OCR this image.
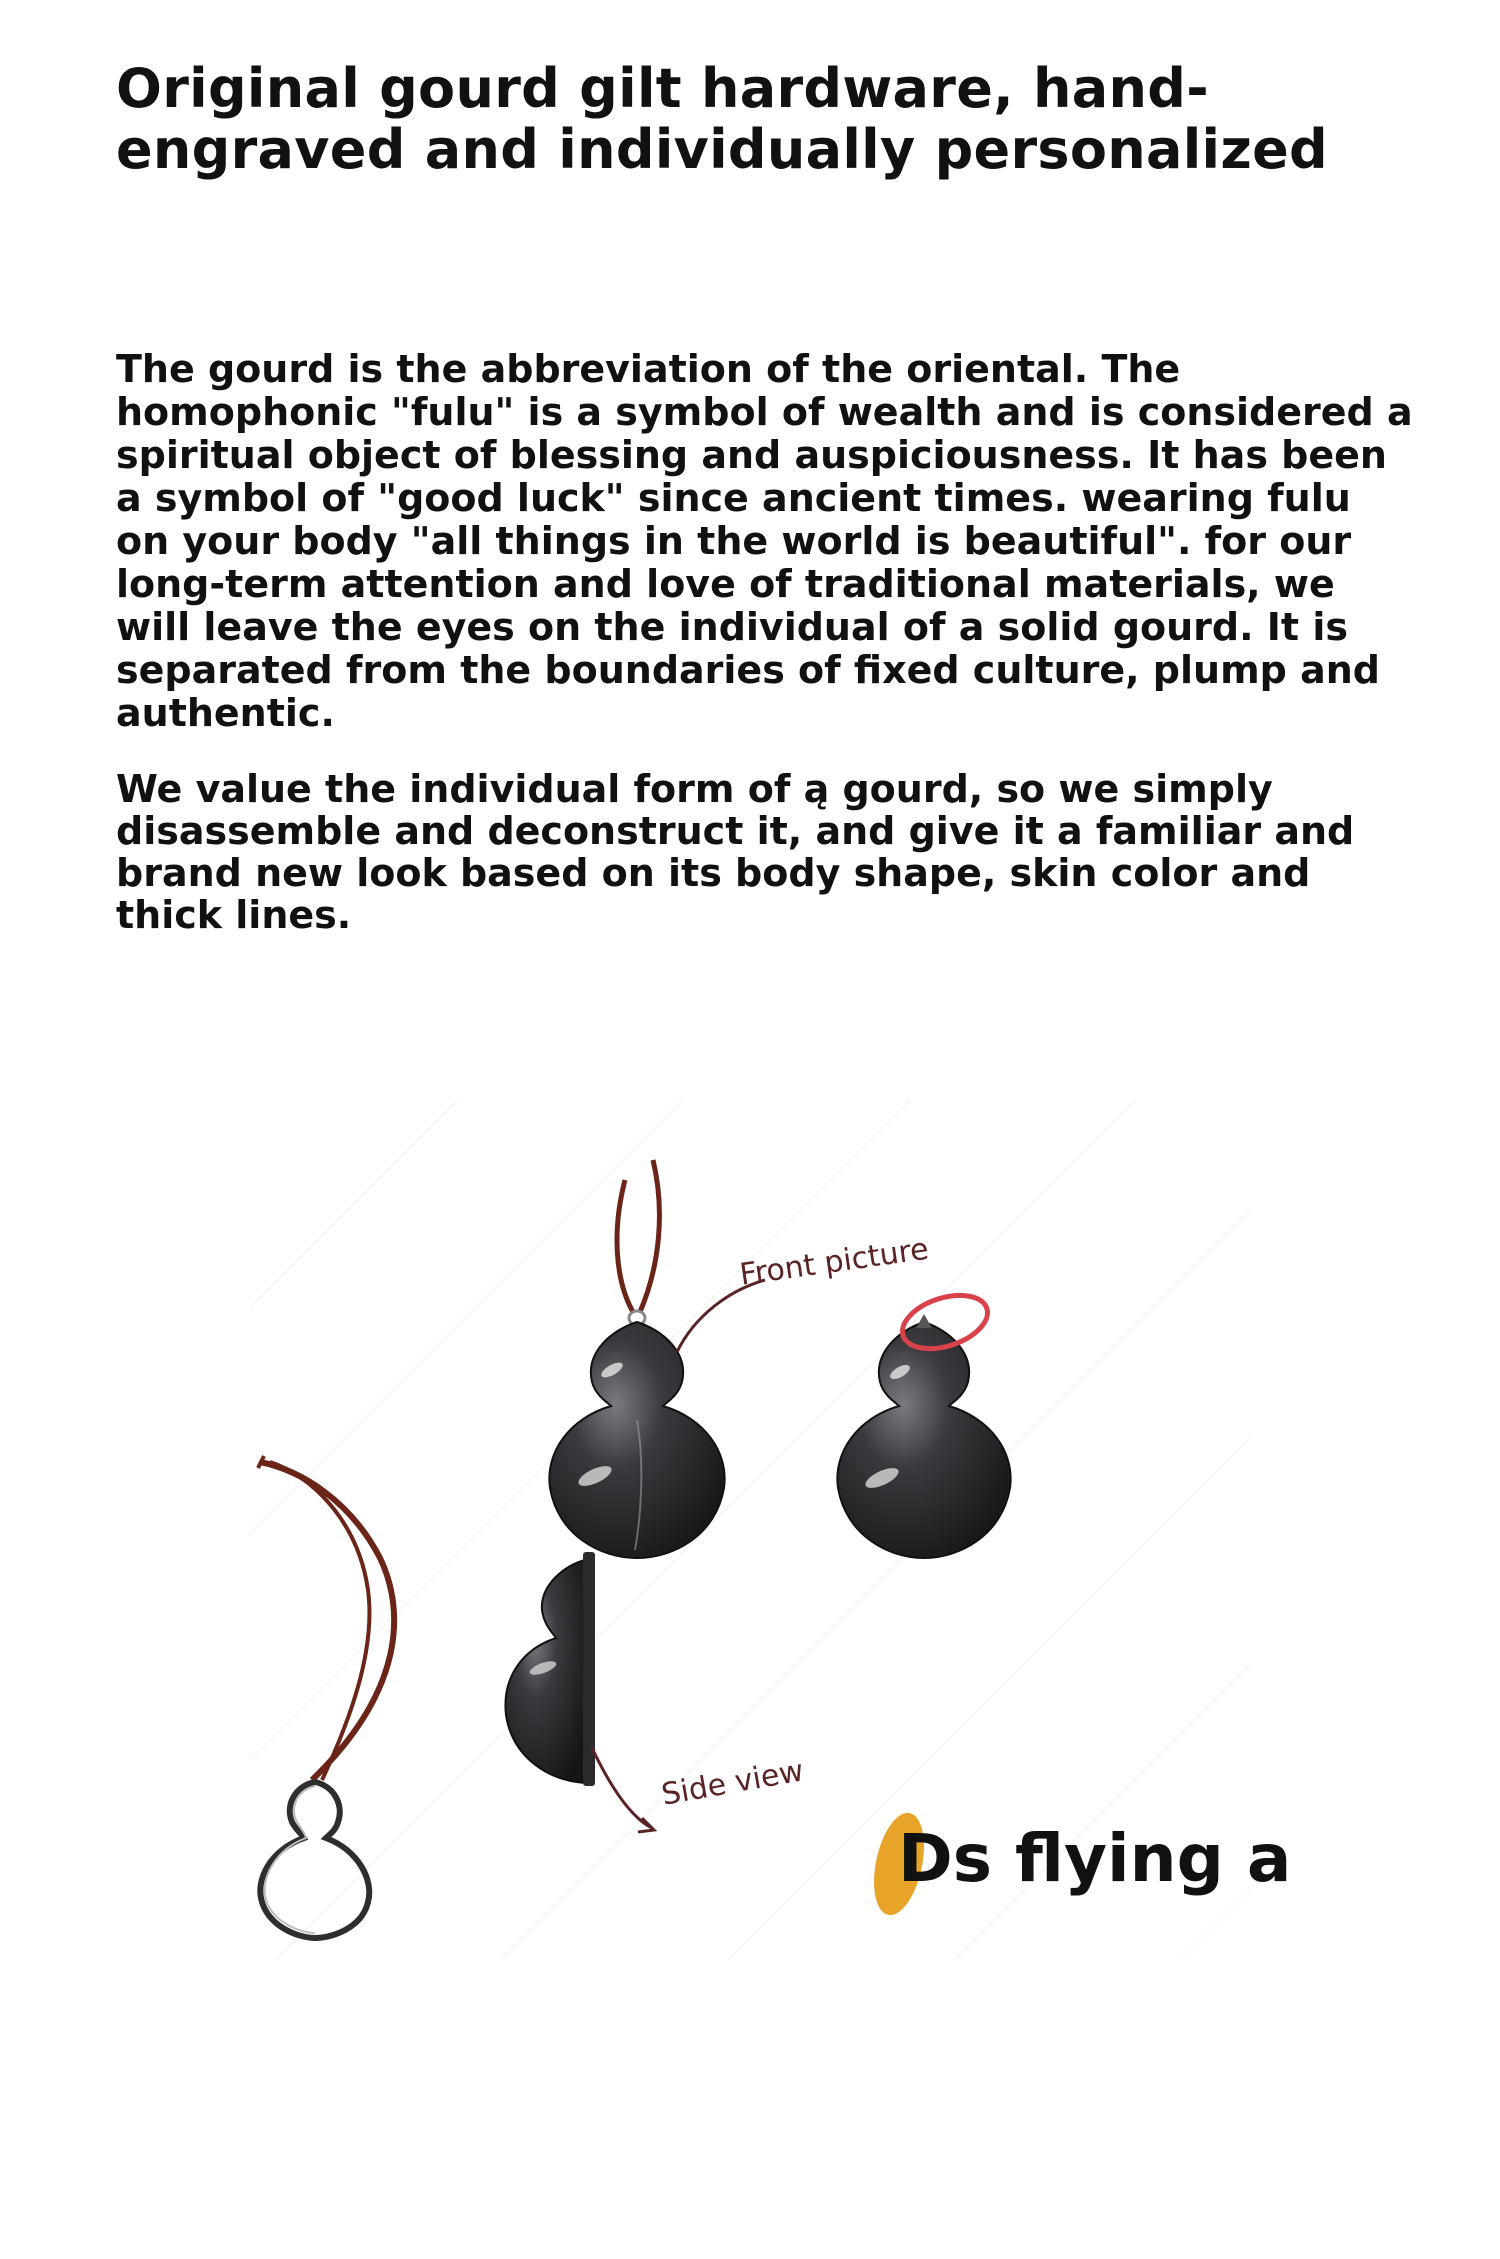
Original gourd gilt hardware, hand-engraved and individually personalized

The gourd is the abbreviation of the oriental. The homophonic "fulu" is a symbol of wealth and is considered a spiritual object of blessing and auspiciousness. It has been a symbol of "good luck" since ancient times. wearing fulu on your body "all things in the world is beautiful". for our long-term attention and love of traditional materials, we will leave the eyes on the individual of a solid gourd. It is separated from the boundaries of fixed culture, plump and authentic.

We value the individual form of ą gourd, so we simply disassemble and deconstruct it, and give it a familiar and brand new look based on its body shape, skin color and thick lines.

Front picture
Side view
Ds flying a
